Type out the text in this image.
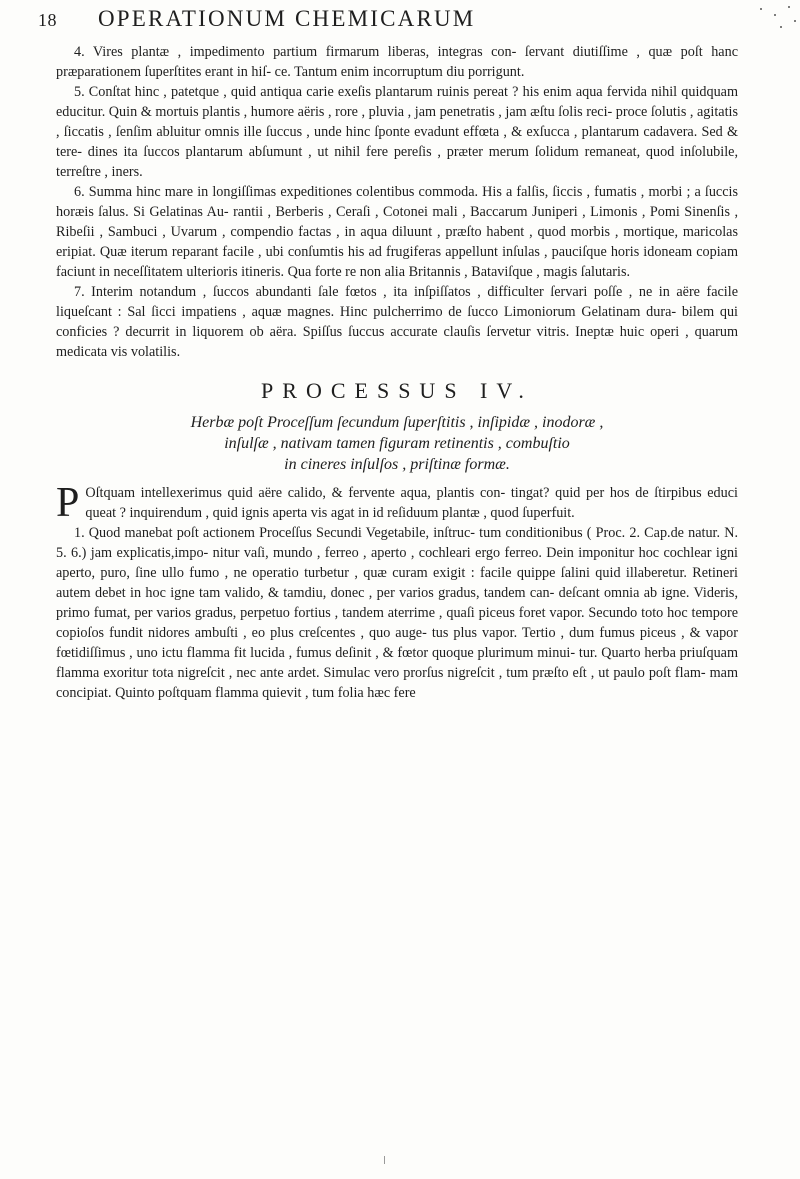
18 OPERATIONUM CHEMICARUM

4. Vires plantæ , impedimento partium firmarum liberas, integras con- ſervant diutiſſime , quæ poſt hanc præparationem ſuperſtites erant in hiſ- ce. Tantum enim incorruptum diu porrigunt.

5. Conſtat hinc , patetque , quid antiqua carie exeſis plantarum ruinis pereat ? his enim aqua fervida nihil quidquam educitur. Quin & mortuis plantis , humore aëris , rore , pluvia , jam penetratis , jam æſtu ſolis reci- proce ſolutis , agitatis , ſiccatis , ſenſim abluitur omnis ille ſuccus , unde hinc ſponte evadunt effœta , & exſucca , plantarum cadavera. Sed & tere- dines ita ſuccos plantarum abſumunt , ut nihil fere pereſis , præter merum ſolidum remaneat, quod inſolubile, terreſtre , iners.

6. Summa hinc mare in longiſſimas expeditiones colentibus commoda. His a falſis, ſiccis , fumatis , morbi ; a ſuccis horæis ſalus. Si Gelatinas Au- rantii , Berberis , Ceraſi , Cotonei mali , Baccarum Juniperi , Limonis , Pomi Sinenſis , Ribeſii , Sambuci , Uvarum , compendio factas , in aqua diluunt , præſto habent , quod morbis , mortique, maricolas eripiat. Quæ iterum reparant facile , ubi conſumtis his ad frugiferas appellunt inſulas , pauciſque horis idoneam copiam faciunt in neceſſitatem ulterioris itineris. Qua forte re non alia Britannis , Bataviſque , magis ſalutaris.

7. Interim notandum , ſuccos abundanti ſale fœtos , ita inſpiſſatos , difficulter ſervari poſſe , ne in aëre facile liqueſcant : Sal ſicci impatiens , aquæ magnes. Hinc pulcherrimo de ſucco Limoniorum Gelatinam dura- bilem qui conficies ? decurrit in liquorem ob aëra. Spiſſus ſuccus accurate clauſis ſervetur vitris. Ineptæ huic operi , quarum medicata vis volatilis.

PROCESSUS IV.

Herbæ poſt Proceſſum ſecundum ſuperſtitis , inſipidæ , inodoræ ,
inſulſæ , nativam tamen figuram retinentis , combuſtio
in cineres inſulſos , priſtinæ formæ.

P Oſtquam intellexerimus quid aëre calido, & fervente aqua, plantis con- tingat? quid per hos de ſtirpibus educi queat ? inquirendum , quid ignis aperta vis agat in id reſiduum plantæ , quod ſuperfuit.

1. Quod manebat poſt actionem Proceſſus Secundi Vegetabile, inſtruc- tum conditionibus ( Proc. 2. Cap.de natur. N. 5. 6.) jam explicatis,impo- nitur vaſi, mundo , ferreo , aperto , cochleari ergo ferreo. Dein imponitur hoc cochlear igni aperto, puro, ſine ullo fumo , ne operatio turbetur , quæ curam exigit : facile quippe ſalini quid illaberetur. Retineri autem debet in hoc igne tam valido, & tamdiu, donec , per varios gradus, tandem can- deſcant omnia ab igne. Videris, primo fumat, per varios gradus, perpetuo fortius , tandem aterrime , quaſi piceus foret vapor. Secundo toto hoc tempore copioſos fundit nidores ambuſti , eo plus creſcentes , quo auge- tus plus vapor. Tertio , dum fumus piceus , & vapor fœtidiſſimus , uno ictu flamma fit lucida , fumus deſinit , & fœtor quoque plurimum minui- tur. Quarto herba priuſquam flamma exoritur tota nigreſcit , nec ante ardet. Simulac vero prorſus nigreſcit , tum præſto eſt , ut paulo poſt flam- mam concipiat. Quinto poſtquam flamma quievit , tum folia hæc fere
